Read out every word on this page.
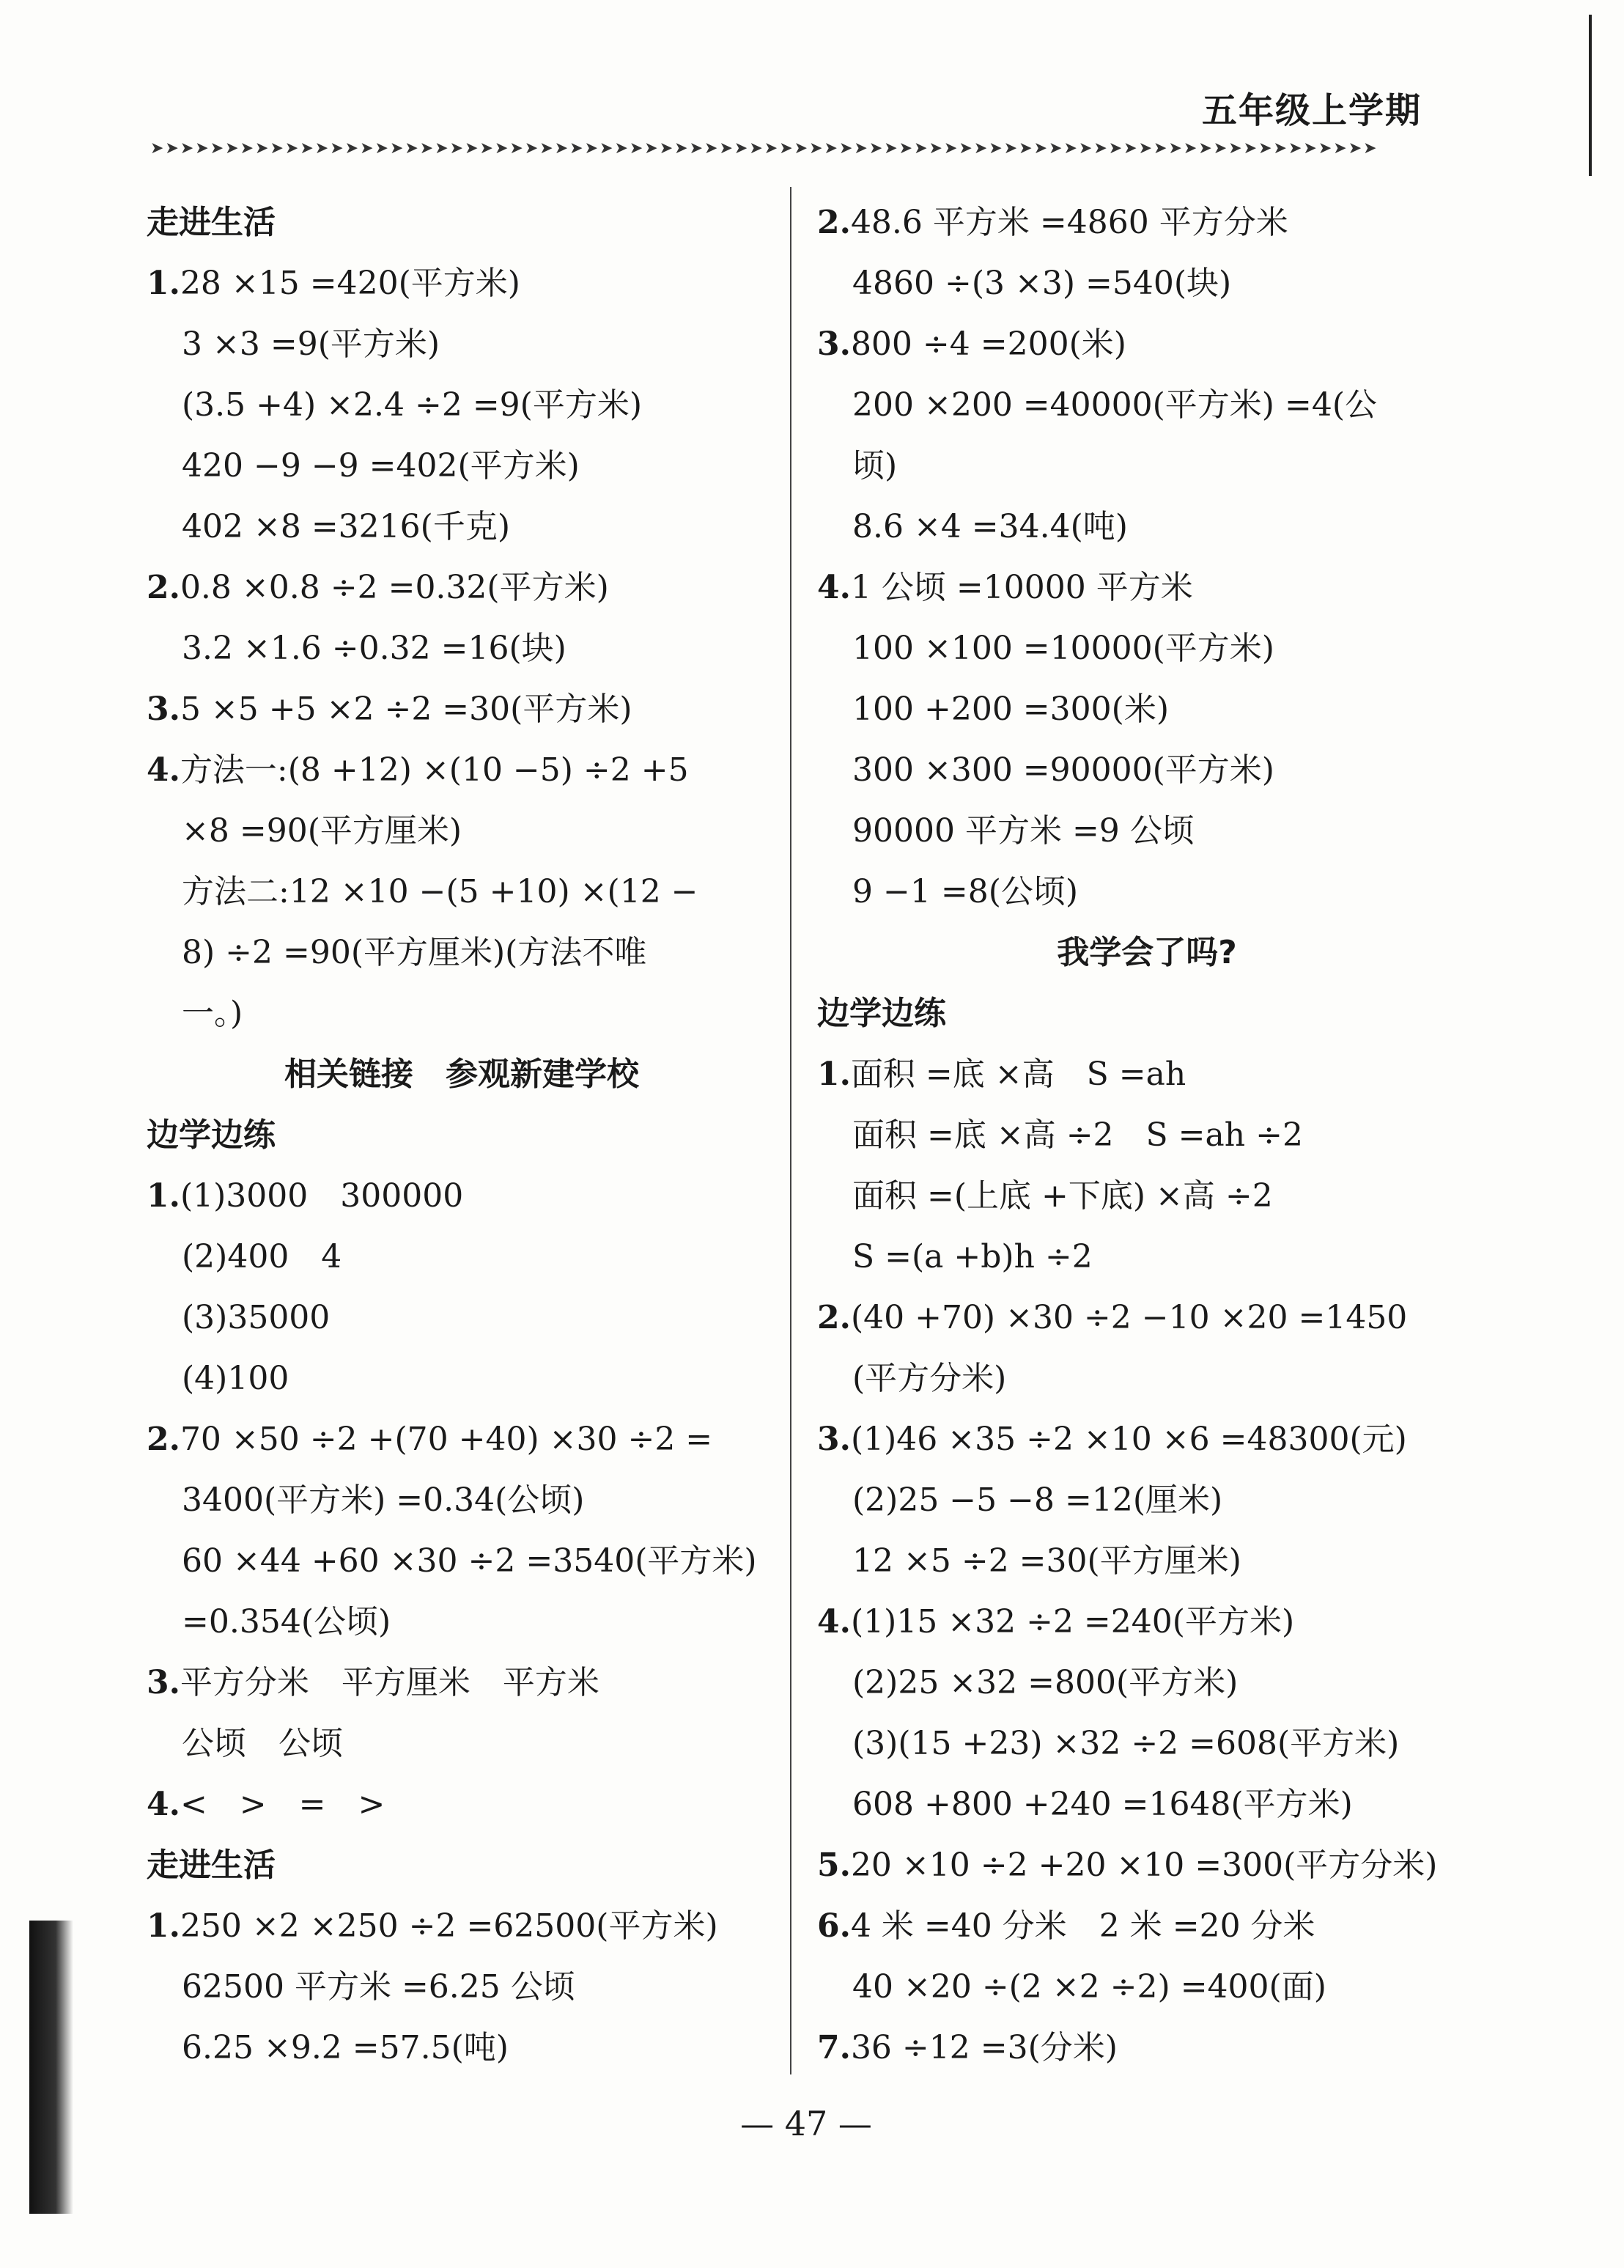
五年级上学期
➤➤➤➤➤➤➤➤➤➤➤➤➤➤➤➤➤➤➤➤➤➤➤➤➤➤➤➤➤➤➤➤➤➤➤➤➤➤➤➤➤➤➤➤➤➤➤➤➤➤➤➤➤➤➤➤➤➤➤➤➤➤➤➤➤➤➤➤➤➤➤➤➤➤➤➤➤➤➤➤➤➤
走进生活
1.28 ×15 =420(平方米)
3 ×3 =9(平方米)
(3.5 +4) ×2.4 ÷2 =9(平方米)
420 −9 −9 =402(平方米)
402 ×8 =3216(千克)
2.0.8 ×0.8 ÷2 =0.32(平方米)
3.2 ×1.6 ÷0.32 =16(块)
3.5 ×5 +5 ×2 ÷2 =30(平方米)
4.方法一:(8 +12) ×(10 −5) ÷2 +5
×8 =90(平方厘米)
方法二:12 ×10 −(5 +10) ×(12 −
8) ÷2 =90(平方厘米)(方法不唯
一。)
相关链接　参观新建学校
边学边练
1.(1)3000　300000
(2)400　4
(3)35000
(4)100
2.70 ×50 ÷2 +(70 +40) ×30 ÷2 =
3400(平方米) =0.34(公顷)
60 ×44 +60 ×30 ÷2 =3540(平方米)
=0.354(公顷)
3.平方分米　平方厘米　平方米
公顷　公顷
4.<　>　=　>
走进生活
1.250 ×2 ×250 ÷2 =62500(平方米)
62500 平方米 =6.25 公顷
6.25 ×9.2 =57.5(吨)
2.48.6 平方米 =4860 平方分米
4860 ÷(3 ×3) =540(块)
3.800 ÷4 =200(米)
200 ×200 =40000(平方米) =4(公
顷)
8.6 ×4 =34.4(吨)
4.1 公顷 =10000 平方米
100 ×100 =10000(平方米)
100 +200 =300(米)
300 ×300 =90000(平方米)
90000 平方米 =9 公顷
9 −1 =8(公顷)
我学会了吗?
边学边练
1.面积 =底 ×高　S =ah
面积 =底 ×高 ÷2　S =ah ÷2
面积 =(上底 +下底) ×高 ÷2
S =(a +b)h ÷2
2.(40 +70) ×30 ÷2 −10 ×20 =1450
(平方分米)
3.(1)46 ×35 ÷2 ×10 ×6 =48300(元)
(2)25 −5 −8 =12(厘米)
12 ×5 ÷2 =30(平方厘米)
4.(1)15 ×32 ÷2 =240(平方米)
(2)25 ×32 =800(平方米)
(3)(15 +23) ×32 ÷2 =608(平方米)
608 +800 +240 =1648(平方米)
5.20 ×10 ÷2 +20 ×10 =300(平方分米)
6.4 米 =40 分米　2 米 =20 分米
40 ×20 ÷(2 ×2 ÷2) =400(面)
7.36 ÷12 =3(分米)
— 47 —
